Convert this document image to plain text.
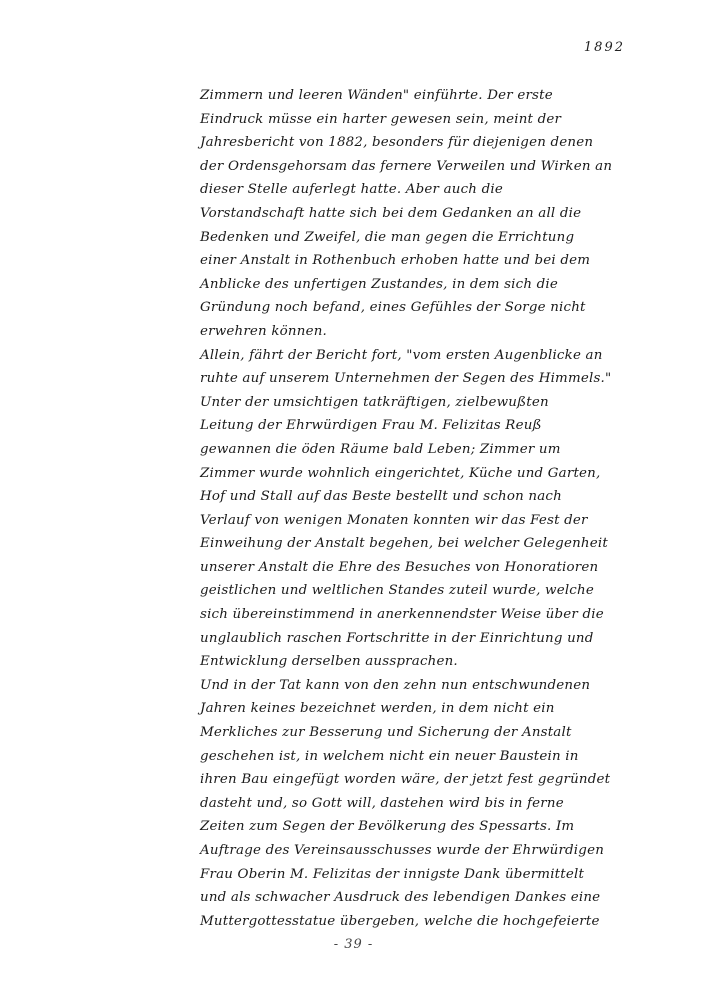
1892
Zimmern und leeren Wänden" einführte. Der erste
Eindruck müsse ein harter gewesen sein, meint der
Jahresbericht von 1882, besonders für diejenigen denen
der Ordensgehorsam das fernere Verweilen und Wirken an
dieser Stelle auferlegt hatte. Aber auch die
Vorstandschaft hatte sich bei dem Gedanken an all die
Bedenken und Zweifel, die man gegen die Errichtung
einer Anstalt in Rothenbuch erhoben hatte und bei dem
Anblicke des unfertigen Zustandes, in dem sich die
Gründung noch befand, eines Gefühles der Sorge nicht
erwehren können.
Allein, fährt der Bericht fort, "vom ersten Augenblicke an
ruhte auf unserem Unternehmen der Segen des Himmels."
Unter der umsichtigen tatkräftigen, zielbewußten
Leitung der Ehrwürdigen Frau M. Felizitas Reuß
gewannen die öden Räume bald Leben; Zimmer um
Zimmer wurde wohnlich eingerichtet, Küche und Garten,
Hof und Stall auf das Beste bestellt und schon nach
Verlauf von wenigen Monaten konnten wir das Fest der
Einweihung der Anstalt begehen, bei welcher Gelegenheit
unserer Anstalt die Ehre des Besuches von Honoratioren
geistlichen und weltlichen Standes zuteil wurde, welche
sich übereinstimmend in anerkennendster Weise über die
unglaublich raschen Fortschritte in der Einrichtung und
Entwicklung derselben aussprachen.
Und in der Tat kann von den zehn nun entschwundenen
Jahren keines bezeichnet werden, in dem nicht ein
Merkliches zur Besserung und Sicherung der Anstalt
geschehen ist, in welchem nicht ein neuer Baustein in
ihren Bau eingefügt worden wäre, der jetzt fest gegründet
dasteht und, so Gott will, dastehen wird bis in ferne
Zeiten zum Segen der Bevölkerung des Spessarts. Im
Auftrage des Vereinsausschusses wurde der Ehrwürdigen
Frau Oberin M. Felizitas der innigste Dank übermittelt
und als schwacher Ausdruck des lebendigen Dankes eine
Muttergottesstatue übergeben, welche die hochgefeierte
- 39 -
